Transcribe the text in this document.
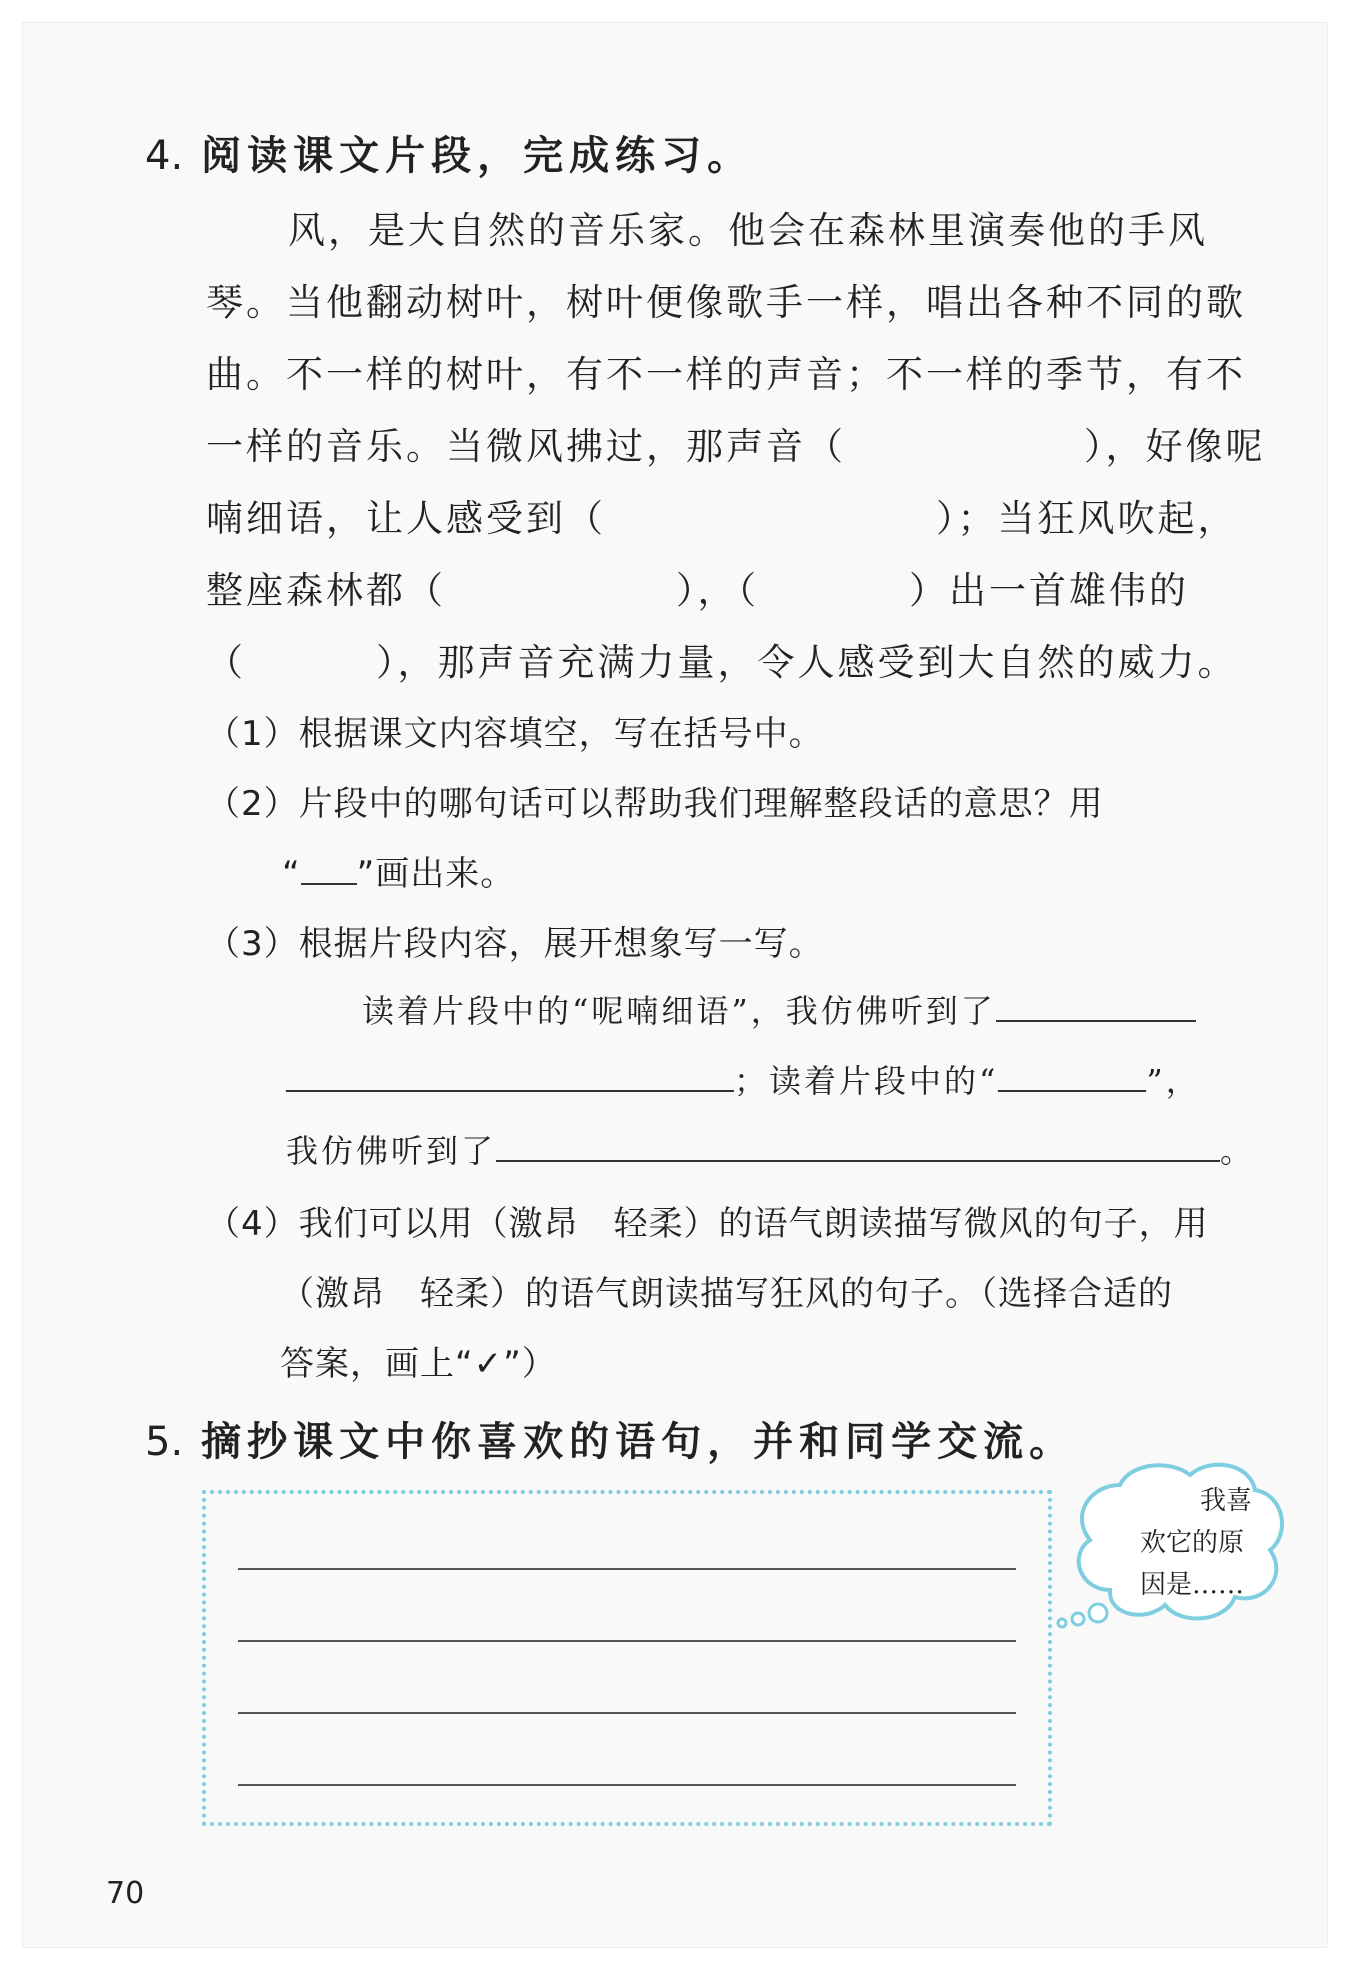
4. 阅读课文片段，完成练习。
风，是大自然的音乐家。他会在森林里演奏他的手风
琴。当他翻动树叶，树叶便像歌手一样，唱出各种不同的歌
曲。不一样的树叶，有不一样的声音；不一样的季节，有不
一样的音乐。当微风拂过，那声音（	），好像呢
喃细语，让人感受到（	）；当狂风吹起，
整座森林都（	），（	）出一首雄伟的
（	），那声音充满力量，令人感受到大自然的威力。
（1）根据课文内容填空，写在括号中。
（2）片段中的哪句话可以帮助我们理解整段话的意思？用
“ ”画出来。
（3）根据片段内容，展开想象写一写。
读着片段中的“呢喃细语”，我仿佛听到了
；读着片段中的“	”，
我仿佛听到了	。
（4）我们可以用（激昂　轻柔）的语气朗读描写微风的句子，用
（激昂　轻柔）的语气朗读描写狂风的句子。（选择合适的
答案，画上“✓”）
5. 摘抄课文中你喜欢的语句，并和同学交流。
我喜
欢它的原
因是……
70
